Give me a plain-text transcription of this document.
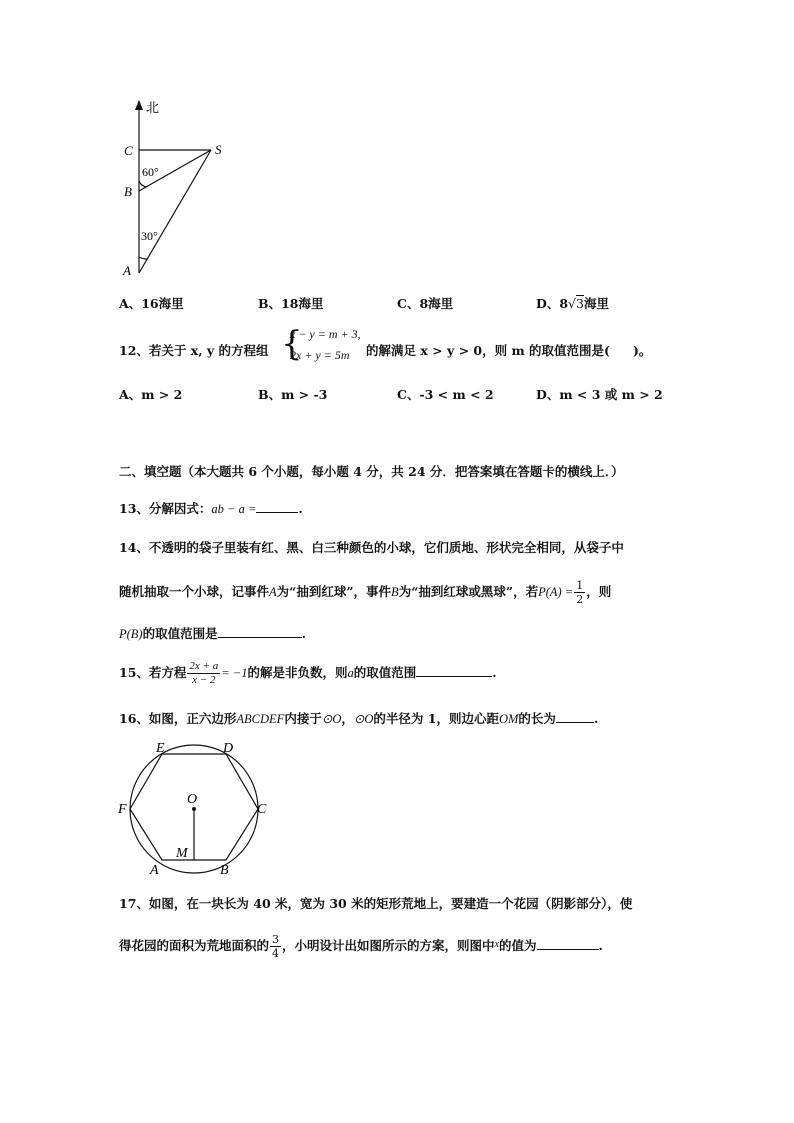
北
C	S
B
A
60°
30°
A、16海里	B、18海里	C、8海里	D、8√3海里
12、若关于 x, y 的方程组 {
x − y = m + 3,
2x + y = 5m 的解满足 x > y > 0，则 m 的取值范围是( )。
A、m > 2	B、m > ‑3	C、‑3 < m < 2	D、m < 3 或 m > 2
二、填空题（本大题共 6 个小题，每小题 4 分，共 24 分．把答案填在答题卡的横线上．）
13、分解因式：ab − a =	.
14、不透明的袋子里装有红、黑、白三种颜色的小球，它们质地、形状完全相同，从袋子中
随机抽取一个小球，记事件A为“抽到红球”，事件B为“抽到红球或黑球”，若$P(A) = \frac{1}{2}$ ，则
P(B)的取值范围是	.
15、若方程 $\frac{2x + a}{x - 2} = -1$的解是非负数，则a的取值范围	.
16、如图，正六边形ABCDEF内接于⊙O，⊙O的半径为 1，则边心距OM的长为	.
E	D
F	C
O
M
A	B
17、如图，在一块长为 40 米，宽为 30 米的矩形荒地上，要建造一个花园（阴影部分），使
得花园的面积为荒地面积的 $\frac{3}{4}$ ，小明设计出如图所示的方案，则图中$^x$的值为	.
